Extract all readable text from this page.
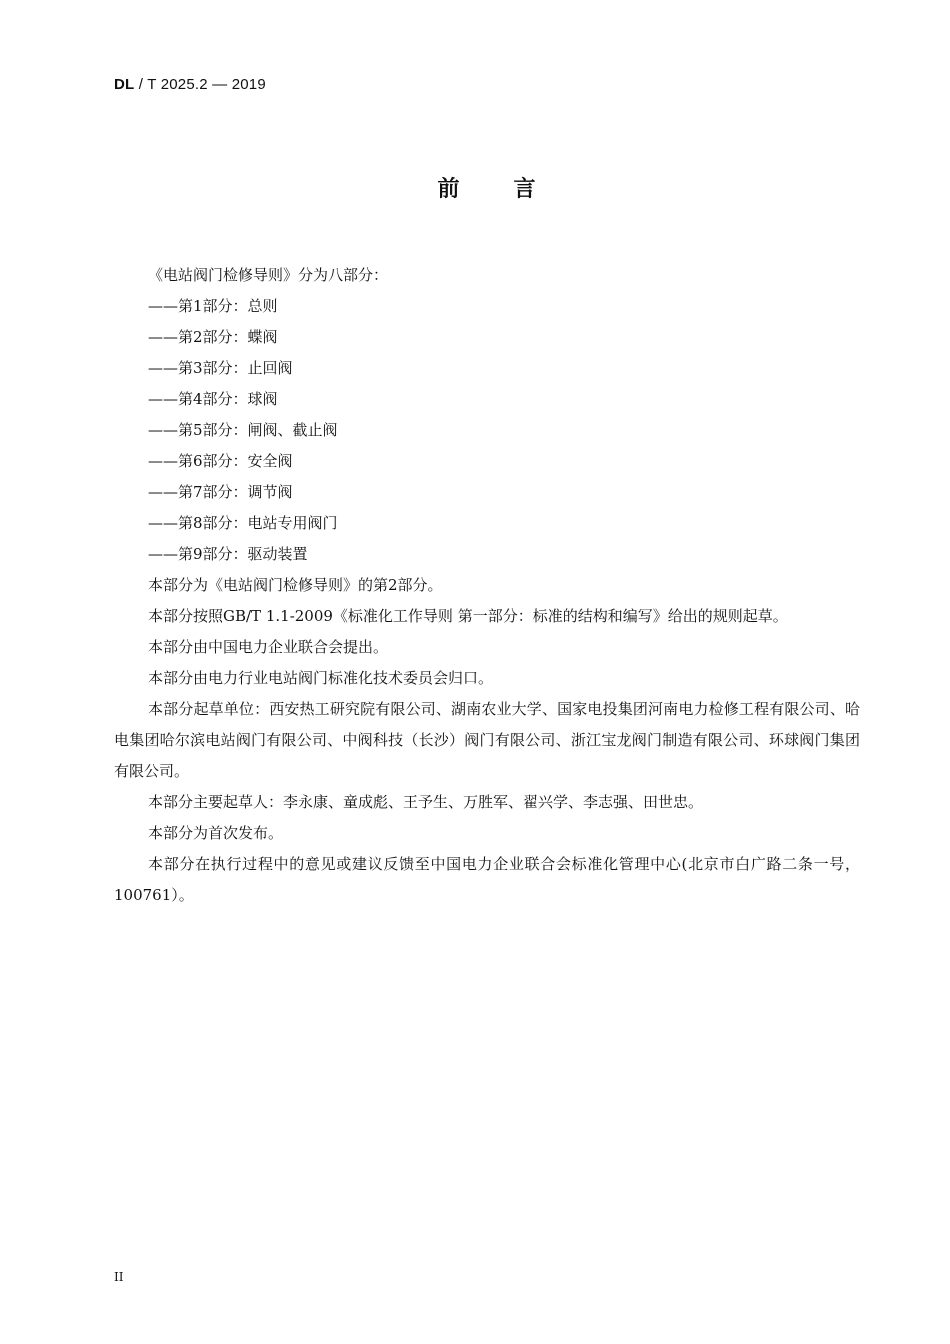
DL / T 2025.2 — 2019
前 言

《电站阀门检修导则》分为八部分：

——第1部分：总则

——第2部分：蝶阀

——第3部分：止回阀

——第4部分：球阀

——第5部分：闸阀、截止阀

——第6部分：安全阀

——第7部分：调节阀

——第8部分：电站专用阀门

——第9部分：驱动装置

本部分为《电站阀门检修导则》的第2部分。

本部分按照GB/T 1.1-2009《标准化工作导则 第一部分：标准的结构和编写》给出的规则起草。

本部分由中国电力企业联合会提出。

本部分由电力行业电站阀门标准化技术委员会归口。

本部分起草单位：西安热工研究院有限公司、湖南农业大学、国家电投集团河南电力检修工程有限公司、哈电集团哈尔滨电站阀门有限公司、中阀科技（长沙）阀门有限公司、浙江宝龙阀门制造有限公司、环球阀门集团有限公司。

本部分主要起草人：李永康、童成彪、王予生、万胜军、翟兴学、李志强、田世忠。

本部分为首次发布。

本部分在执行过程中的意见或建议反馈至中国电力企业联合会标准化管理中心(北京市白广路二条一号，100761）。

II
